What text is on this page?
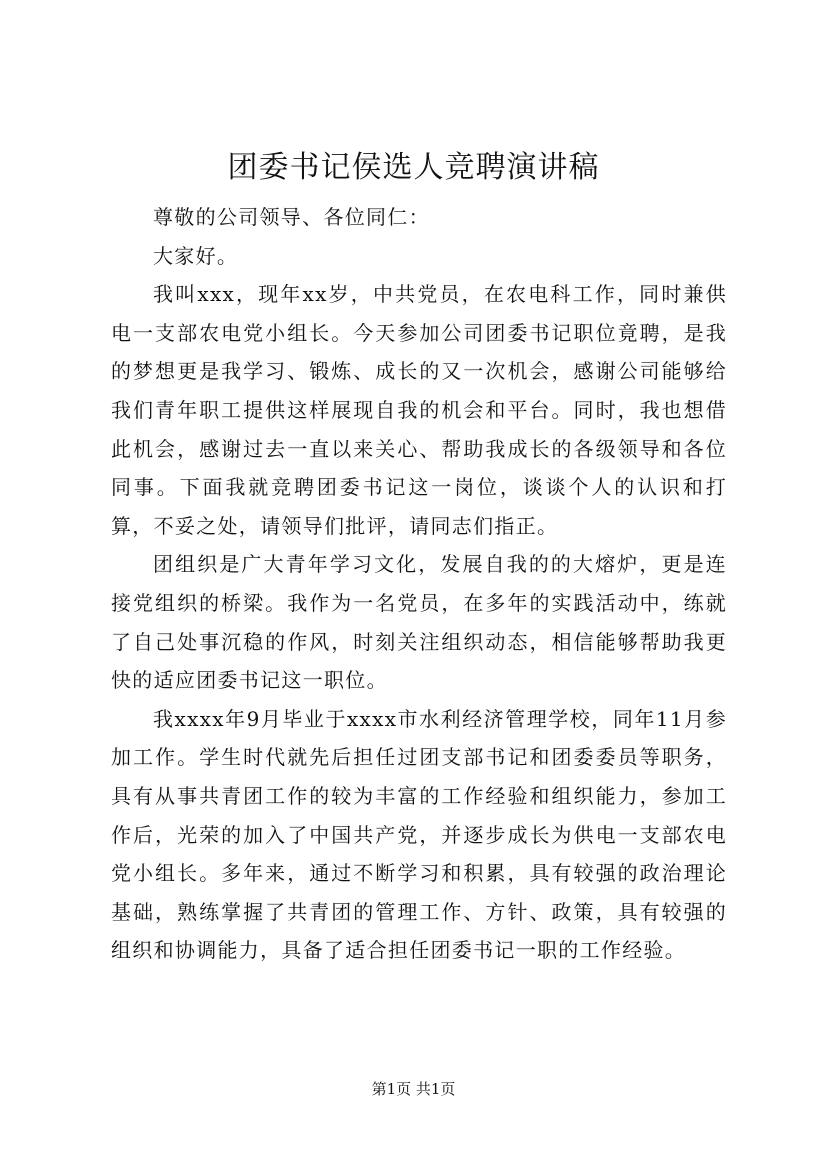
团委书记侯选人竞聘演讲稿

尊敬的公司领导、各位同仁：

大家好。

我叫xxx，现年xx岁，中共党员，在农电科工作，同时兼供电一支部农电党小组长。今天参加公司团委书记职位竟聘，是我的梦想更是我学习、锻炼、成长的又一次机会，感谢公司能够给我们青年职工提供这样展现自我的机会和平台。同时，我也想借此机会，感谢过去一直以来关心、帮助我成长的各级领导和各位同事。下面我就竞聘团委书记这一岗位，谈谈个人的认识和打算，不妥之处，请领导们批评，请同志们指正。

团组织是广大青年学习文化，发展自我的的大熔炉，更是连接党组织的桥梁。我作为一名党员，在多年的实践活动中，练就了自己处事沉稳的作风，时刻关注组织动态，相信能够帮助我更快的适应团委书记这一职位。

我xxxx年9月毕业于xxxx市水利经济管理学校，同年11月参加工作。学生时代就先后担任过团支部书记和团委委员等职务，具有从事共青团工作的较为丰富的工作经验和组织能力，参加工作后，光荣的加入了中国共产党，并逐步成长为供电一支部农电党小组长。多年来，通过不断学习和积累，具有较强的政治理论基础，熟练掌握了共青团的管理工作、方针、政策，具有较强的组织和协调能力，具备了适合担任团委书记一职的工作经验。

第1页 共1页
